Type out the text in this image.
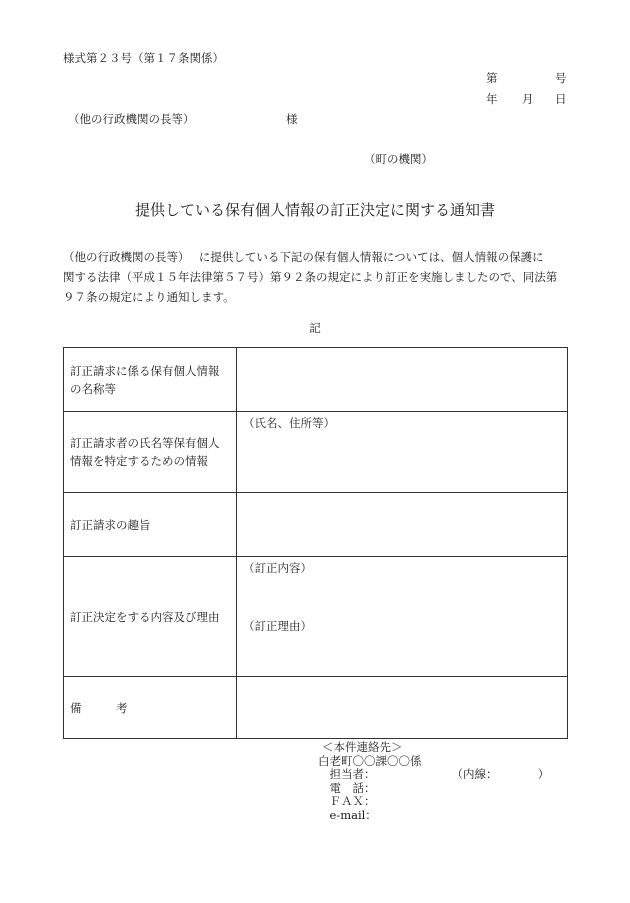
様式第２３号（第１７条関係）
第	号
年 月 日
（他の行政機関の長等）	様
（町の機関）
提供している保有個人情報の訂正決定に関する通知書
（他の行政機関の長等）　 に提供している下記の保有個人情報については、個人情報の保護に
関する法律（平成１５年法律第５７号）第９２条の規定により訂正を実施しましたので、同法第
９７条の規定により通知します。
記
訂正請求に係る保有個人情報
の名称等	

訂正請求者の氏名等保有個人
情報を特定するための情報	（氏名、住所等）

訂正請求の趣旨	

訂正決定をする内容及び理由	（訂正内容）
（訂正理由）

備　　　考	

＜本件連絡先＞
白老町〇〇課〇〇係
　担当者：	（内線：　　　　）
　電　話：
　ＦＡＸ：
　e-mail：
